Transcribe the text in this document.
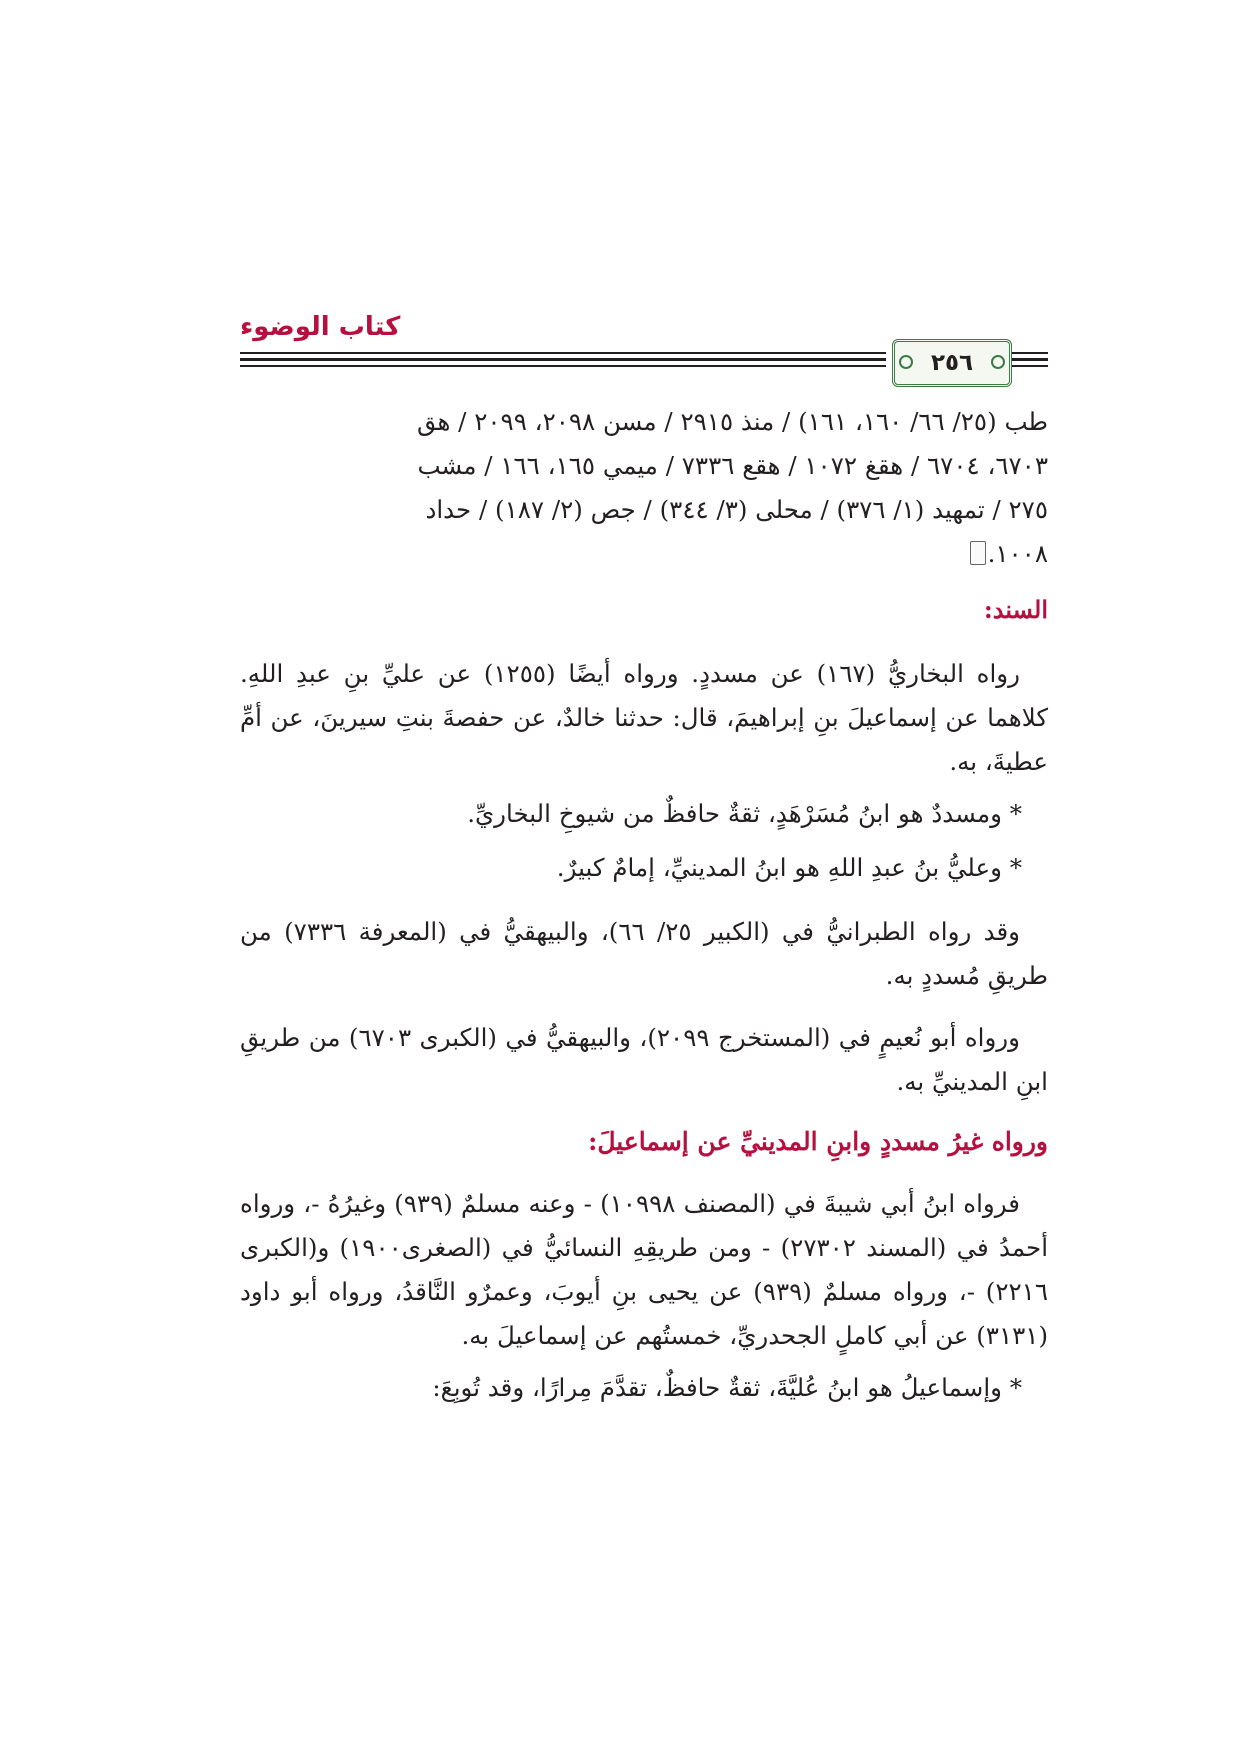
كتاب الوضوء
٢٥٦

طب (٢٥/ ٦٦/ ١٦٠، ١٦١) / منذ ٢٩١٥ / مسن ٢٠٩٨، ٢٠٩٩ / هق

٦٧٠٣، ٦٧٠٤ / هقغ ١٠٧٢ / هقع ٧٣٣٦ / ميمي ١٦٥، ١٦٦ / مشب

٢٧٥ / تمهيد (١/ ٣٧٦) / محلى (٣/ ٣٤٤) / جص (٢/ ١٨٧) / حداد

١٠٠٨.

السند:

رواه البخاريُّ (١٦٧) عن مسددٍ. ورواه أيضًا (١٢٥٥) عن عليِّ بنِ عبدِ اللهِ. كلاهما عن إسماعيلَ بنِ إبراهيمَ، قال: حدثنا خالدٌ، عن حفصةَ بنتِ سيرينَ، عن أمِّ عطيةَ، به.

* ومسددٌ هو ابنُ مُسَرْهَدٍ، ثقةٌ حافظٌ من شيوخِ البخاريِّ.

* وعليُّ بنُ عبدِ اللهِ هو ابنُ المدينيِّ، إمامٌ كبيرٌ.

وقد رواه الطبرانيُّ في (الكبير ٢٥/ ٦٦)، والبيهقيُّ في (المعرفة ٧٣٣٦) من طريقِ مُسددٍ به.

ورواه أبو نُعيمٍ في (المستخرج ٢٠٩٩)، والبيهقيُّ في (الكبرى ٦٧٠٣) من طريقِ ابنِ المدينيِّ به.

ورواه غيرُ مسددٍ وابنِ المدينيِّ عن إسماعيلَ:

فرواه ابنُ أبي شيبةَ في (المصنف ١٠٩٩٨) - وعنه مسلمٌ (٩٣٩) وغيرُهُ -، ورواه أحمدُ في (المسند ٢٧٣٠٢) - ومن طريقِهِ النسائيُّ في (الصغرى١٩٠٠) و(الكبرى ٢٢١٦) -، ورواه مسلمٌ (٩٣٩) عن يحيى بنِ أيوبَ، وعمرٌو النَّاقدُ، ورواه أبو داود (٣١٣١) عن أبي كاملٍ الجحدريِّ، خمستُهم عن إسماعيلَ به.

* وإسماعيلُ هو ابنُ عُليَّةَ، ثقةٌ حافظٌ، تقدَّمَ مِرارًا، وقد تُوبِعَ:
